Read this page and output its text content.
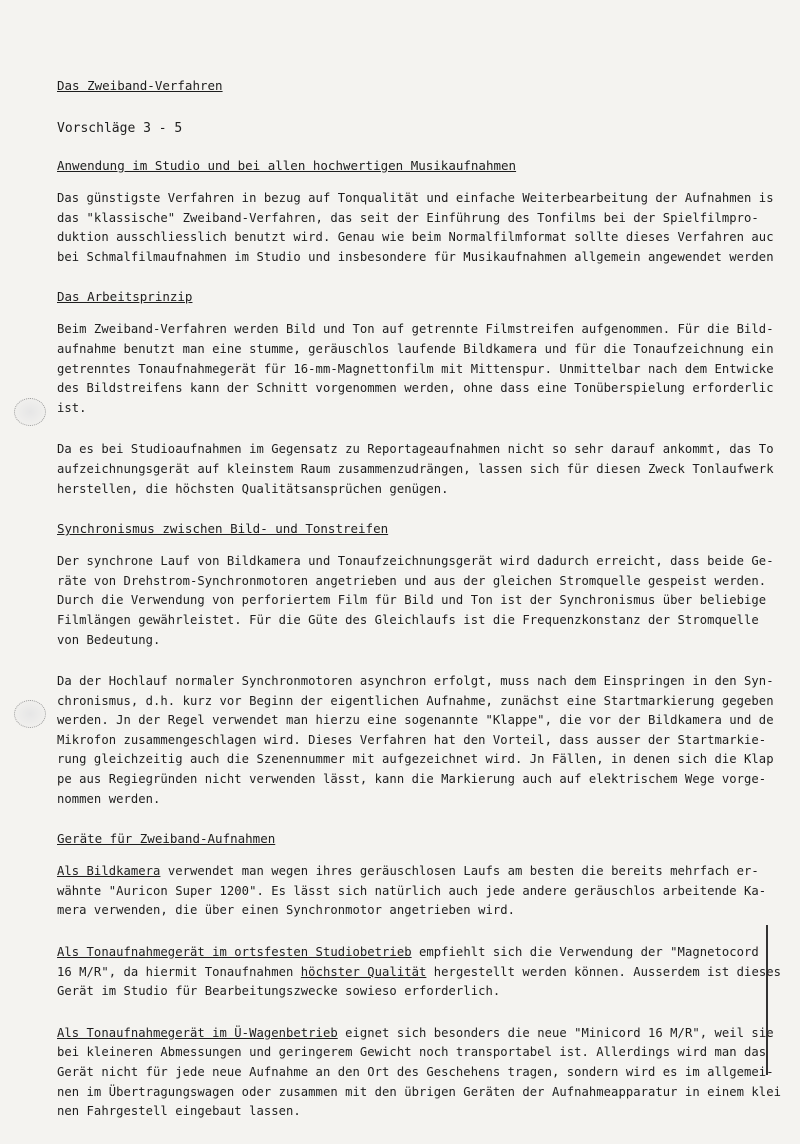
Das Zweiband-Verfahren
Vorschläge 3 - 5
Anwendung im Studio und bei allen hochwertigen Musikaufnahmen

Das günstigste Verfahren in bezug auf Tonqualität und einfache Weiterbearbeitung der Aufnahmen is
das "klassische" Zweiband-Verfahren, das seit der Einführung des Tonfilms bei der Spielfilmpro-
duktion ausschliesslich benutzt wird. Genau wie beim Normalfilmformat sollte dieses Verfahren auc
bei Schmalfilmaufnahmen im Studio und insbesondere für Musikaufnahmen allgemein angewendet werden

Das Arbeitsprinzip

Beim Zweiband-Verfahren werden Bild und Ton auf getrennte Filmstreifen aufgenommen. Für die Bild-
aufnahme benutzt man eine stumme, geräuschlos laufende Bildkamera und für die Tonaufzeichnung ein
getrenntes Tonaufnahmegerät für 16-mm-Magnettonfilm mit Mittenspur. Unmittelbar nach dem Entwicke
des Bildstreifens kann der Schnitt vorgenommen werden, ohne dass eine Tonüberspielung erforderlic
ist.

Da es bei Studioaufnahmen im Gegensatz zu Reportageaufnahmen nicht so sehr darauf ankommt, das To
aufzeichnungsgerät auf kleinstem Raum zusammenzudrängen, lassen sich für diesen Zweck Tonlaufwerk
herstellen, die höchsten Qualitätsansprüchen genügen.

Synchronismus zwischen Bild- und Tonstreifen

Der synchrone Lauf von Bildkamera und Tonaufzeichnungsgerät wird dadurch erreicht, dass beide Ge-
räte von Drehstrom-Synchronmotoren angetrieben und aus der gleichen Stromquelle gespeist werden.
Durch die Verwendung von perforiertem Film für Bild und Ton ist der Synchronismus über beliebige
Filmlängen gewährleistet. Für die Güte des Gleichlaufs ist die Frequenzkonstanz der Stromquelle
von Bedeutung.

Da der Hochlauf normaler Synchronmotoren asynchron erfolgt, muss nach dem Einspringen in den Syn-
chronismus, d.h. kurz vor Beginn der eigentlichen Aufnahme, zunächst eine Startmarkierung gegeben
werden. Jn der Regel verwendet man hierzu eine sogenannte "Klappe", die vor der Bildkamera und de
Mikrofon zusammengeschlagen wird. Dieses Verfahren hat den Vorteil, dass ausser der Startmarkie-
rung gleichzeitig auch die Szenennummer mit aufgezeichnet wird. Jn Fällen, in denen sich die Klap
pe aus Regiegründen nicht verwenden lässt, kann die Markierung auch auf elektrischem Wege vorge-
nommen werden.

Geräte für Zweiband-Aufnahmen

Als Bildkamera verwendet man wegen ihres geräuschlosen Laufs am besten die bereits mehrfach er-
wähnte "Auricon Super 1200". Es lässt sich natürlich auch jede andere geräuschlos arbeitende Ka-
mera verwenden, die über einen Synchronmotor angetrieben wird.

Als Tonaufnahmegerät im ortsfesten Studiobetrieb empfiehlt sich die Verwendung der "Magnetocord
16 M/R", da hiermit Tonaufnahmen höchster Qualität hergestellt werden können. Ausserdem ist dieses
Gerät im Studio für Bearbeitungszwecke sowieso erforderlich.

Als Tonaufnahmegerät im Ü-Wagenbetrieb eignet sich besonders die neue "Minicord 16 M/R", weil sie
bei kleineren Abmessungen und geringerem Gewicht noch transportabel ist. Allerdings wird man das
Gerät nicht für jede neue Aufnahme an den Ort des Geschehens tragen, sondern wird es im allgemei-
nen im Übertragungswagen oder zusammen mit den übrigen Geräten der Aufnahmeapparatur in einem klei
nen Fahrgestell eingebaut lassen.
